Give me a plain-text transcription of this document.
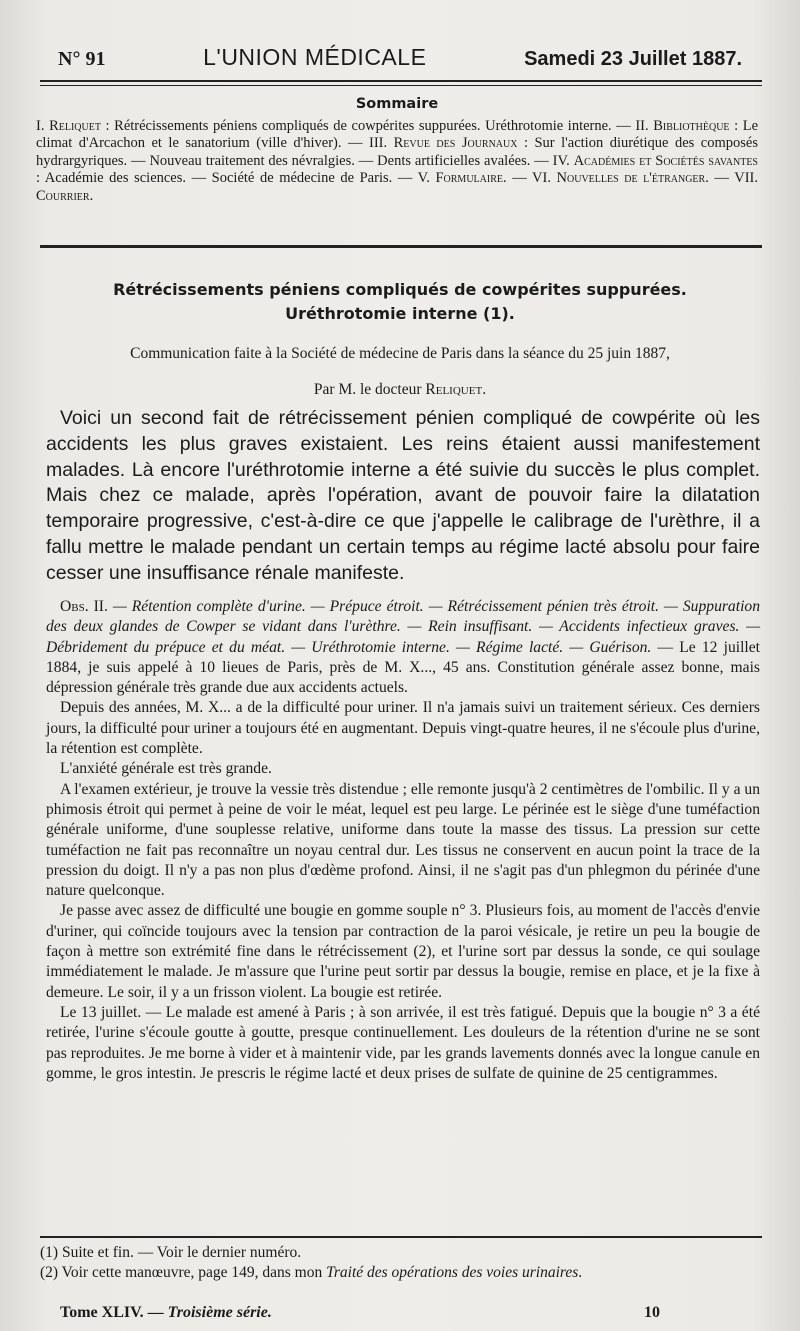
N° 91	L'UNION MÉDICALE	Samedi 23 Juillet 1887.
Sommaire
I. Reliquet : Rétrécissements péniens compliqués de cowpérites suppurées. Uréthrotomie interne. — II. Bibliothèque : Le climat d'Arcachon et le sanatorium (ville d'hiver). — III. Revue des Journaux : Sur l'action diurétique des composés hydrargyriques. — Nouveau traitement des névralgies. — Dents artificielles avalées. — IV. Académies et Sociétés savantes : Académie des sciences. — Société de médecine de Paris. — V. Formulaire. — VI. Nouvelles de l'étranger. — VII. Courrier.
Rétrécissements péniens compliqués de cowpérites suppurées.
Uréthrotomie interne (1).
Communication faite à la Société de médecine de Paris dans la séance du 25 juin 1887,
Par M. le docteur Reliquet.

Voici un second fait de rétrécissement pénien compliqué de cowpérite où les accidents les plus graves existaient. Les reins étaient aussi manifestement malades. Là encore l'uréthrotomie interne a été suivie du succès le plus complet. Mais chez ce malade, après l'opération, avant de pouvoir faire la dilatation temporaire progressive, c'est-à-dire ce que j'appelle le calibrage de l'urèthre, il a fallu mettre le malade pendant un certain temps au régime lacté absolu pour faire cesser une insuffisance rénale manifeste.

Obs. II. — Rétention complète d'urine. — Prépuce étroit. — Rétrécissement pénien très étroit. — Suppuration des deux glandes de Cowper se vidant dans l'urèthre. — Rein insuffisant. — Accidents infectieux graves. — Débridement du prépuce et du méat. — Uréthrotomie interne. — Régime lacté. — Guérison. — Le 12 juillet 1884, je suis appelé à 10 lieues de Paris, près de M. X..., 45 ans. Constitution générale assez bonne, mais dépression générale très grande due aux accidents actuels.

Depuis des années, M. X... a de la difficulté pour uriner. Il n'a jamais suivi un traitement sérieux. Ces derniers jours, la difficulté pour uriner a toujours été en augmentant. Depuis vingt-quatre heures, il ne s'écoule plus d'urine, la rétention est complète.

L'anxiété générale est très grande.

A l'examen extérieur, je trouve la vessie très distendue ; elle remonte jusqu'à 2 centimètres de l'ombilic. Il y a un phimosis étroit qui permet à peine de voir le méat, lequel est peu large. Le périnée est le siège d'une tuméfaction générale uniforme, d'une souplesse relative, uniforme dans toute la masse des tissus. La pression sur cette tuméfaction ne fait pas reconnaître un noyau central dur. Les tissus ne conservent en aucun point la trace de la pression du doigt. Il n'y a pas non plus d'œdème profond. Ainsi, il ne s'agit pas d'un phlegmon du périnée d'une nature quelconque.

Je passe avec assez de difficulté une bougie en gomme souple n° 3. Plusieurs fois, au moment de l'accès d'envie d'uriner, qui coïncide toujours avec la tension par contraction de la paroi vésicale, je retire un peu la bougie de façon à mettre son extrémité fine dans le rétrécissement (2), et l'urine sort par dessus la sonde, ce qui soulage immédiatement le malade. Je m'assure que l'urine peut sortir par dessus la bougie, remise en place, et je la fixe à demeure. Le soir, il y a un frisson violent. La bougie est retirée.

Le 13 juillet. — Le malade est amené à Paris ; à son arrivée, il est très fatigué. Depuis que la bougie n° 3 a été retirée, l'urine s'écoule goutte à goutte, presque continuellement. Les douleurs de la rétention d'urine ne se sont pas reproduites. Je me borne à vider et à maintenir vide, par les grands lavements donnés avec la longue canule en gomme, le gros intestin. Je prescris le régime lacté et deux prises de sulfate de quinine de 25 centigrammes.

(1) Suite et fin. — Voir le dernier numéro.

(2) Voir cette manœuvre, page 149, dans mon Traité des opérations des voies urinaires.

Tome XLIV. — Troisième série.	10
